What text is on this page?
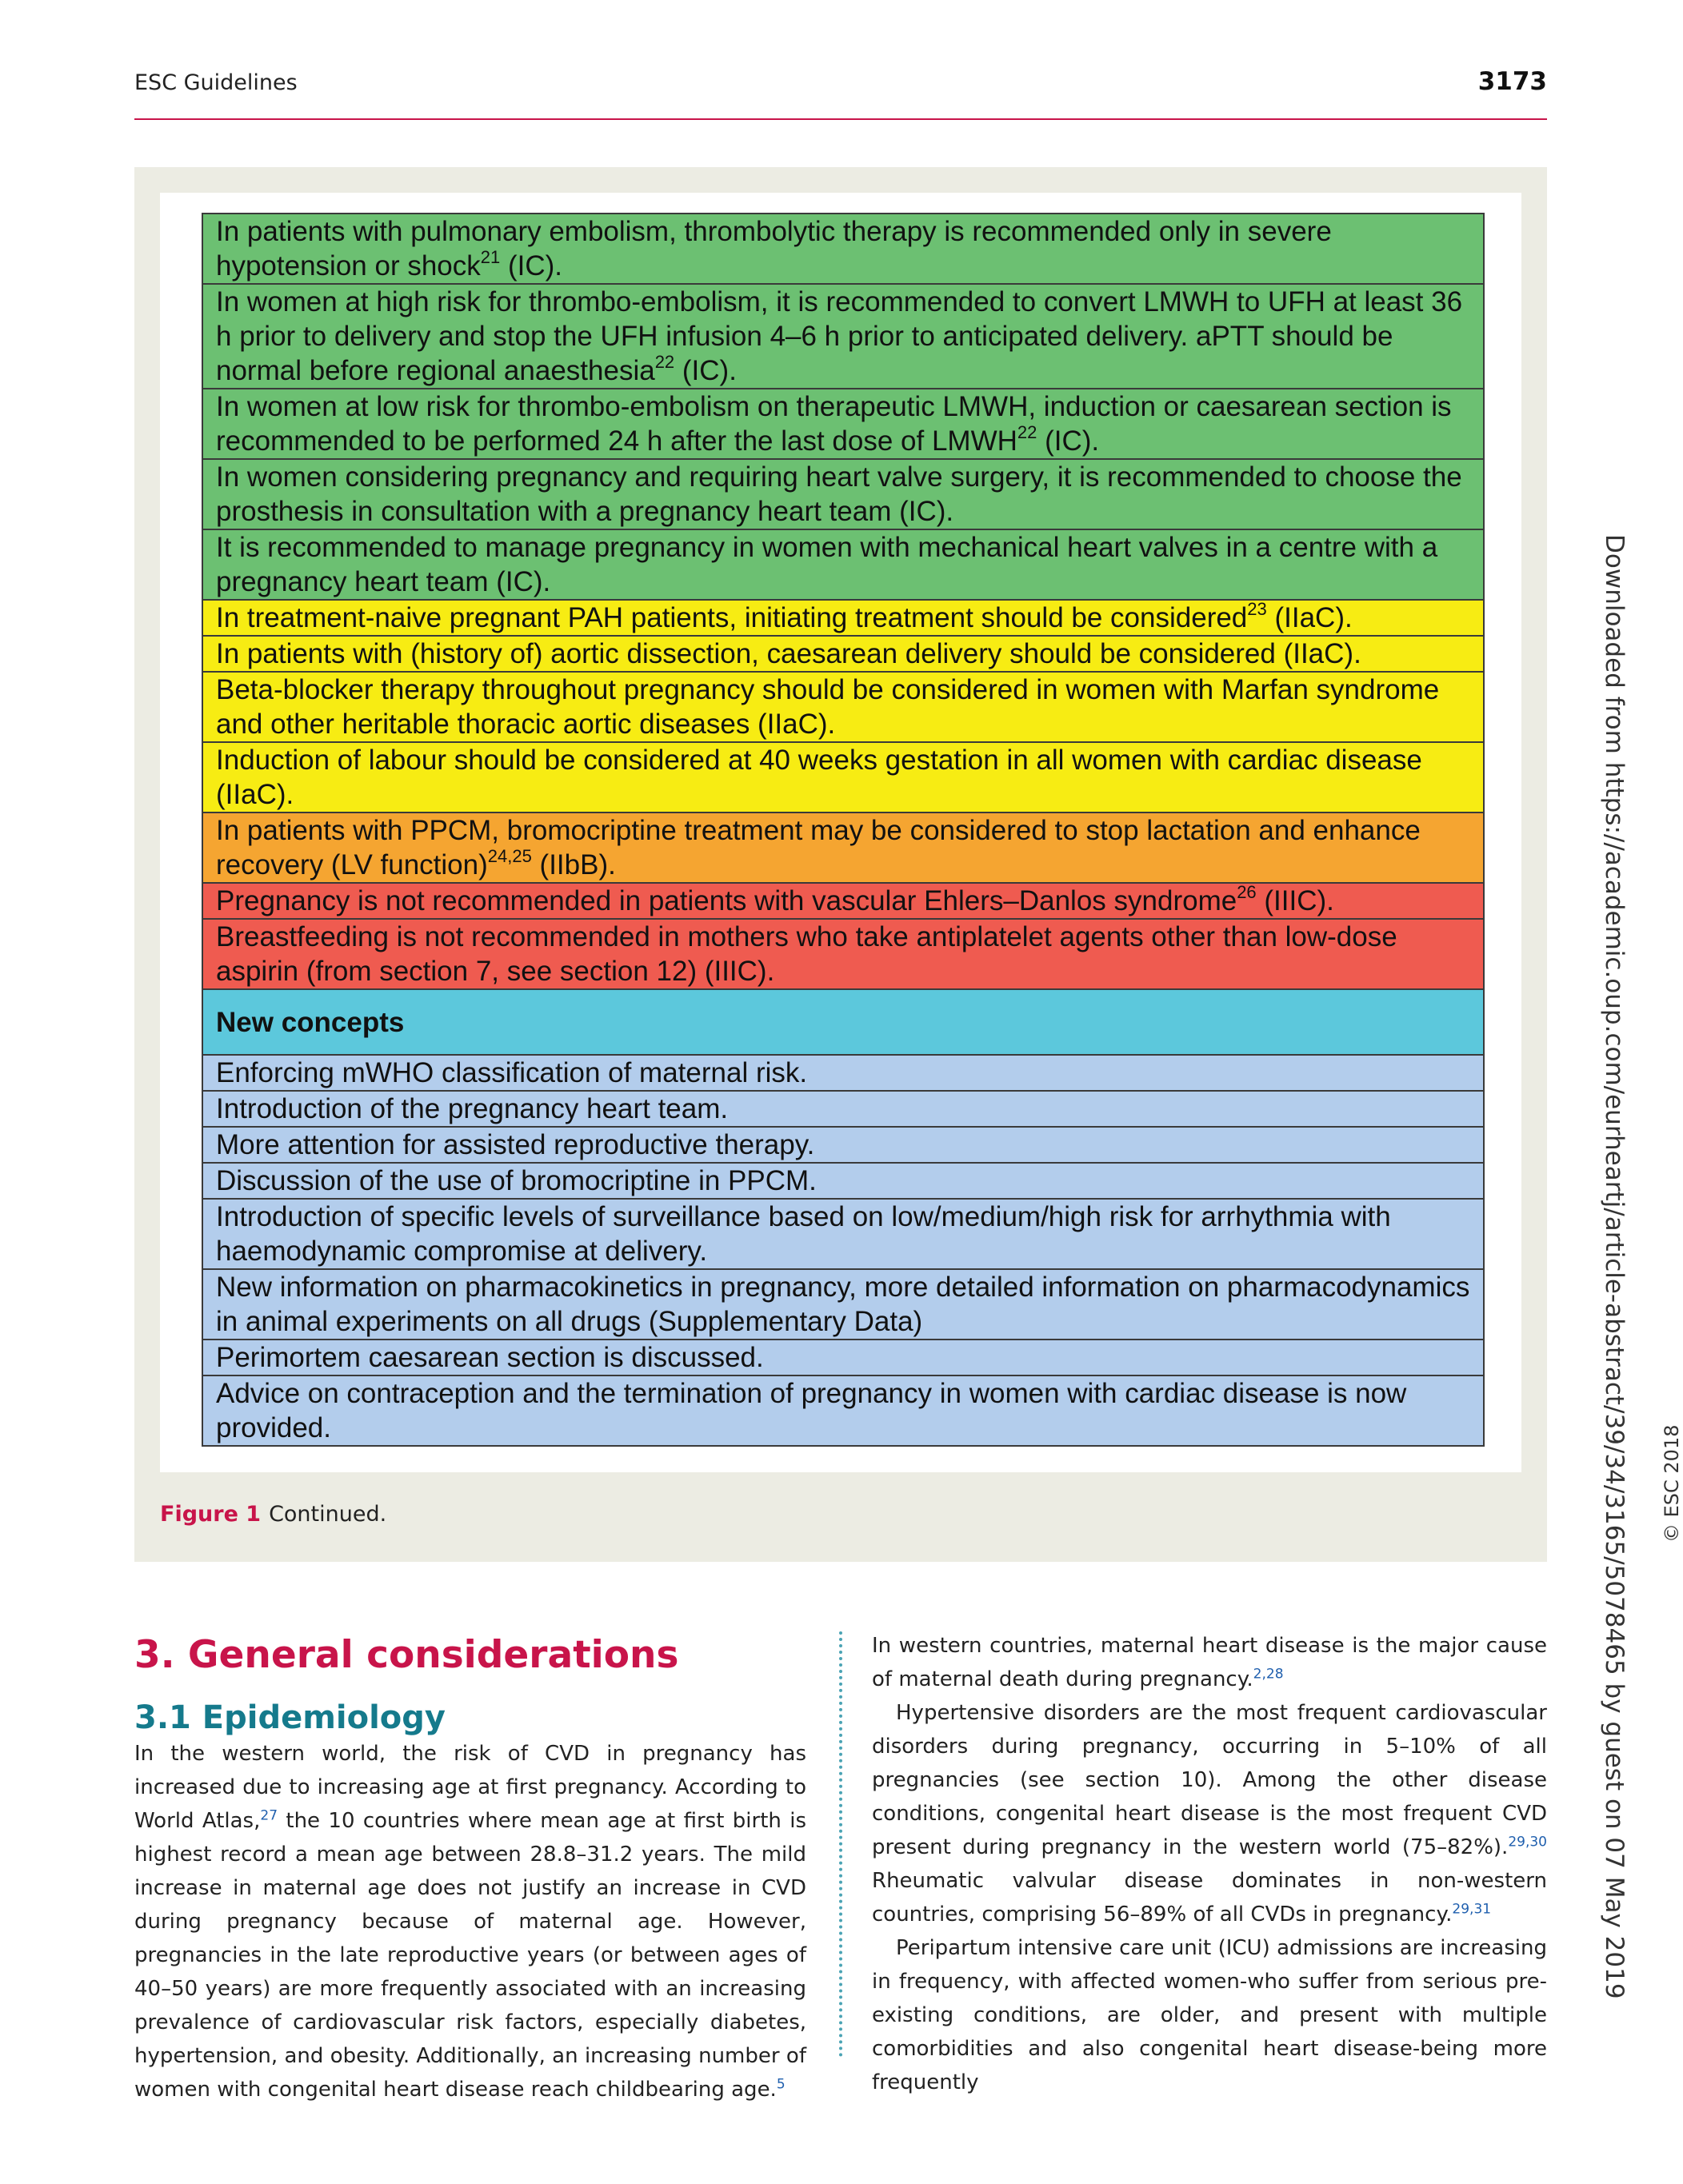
ESC Guidelines	3173
In patients with pulmonary embolism, thrombolytic therapy is recommended only in severe hypotension or shock$^{21}$ (IC).
In women at high risk for thrombo-embolism, it is recommended to convert LMWH to UFH at least 36 h prior to delivery and stop the UFH infusion 4–6 h prior to anticipated delivery. aPTT should be normal before regional anaesthesia$^{22}$ (IC).
In women at low risk for thrombo-embolism on therapeutic LMWH, induction or caesarean section is recommended to be performed 24 h after the last dose of LMWH$^{22}$ (IC).
In women considering pregnancy and requiring heart valve surgery, it is recommended to choose the prosthesis in consultation with a pregnancy heart team (IC).
It is recommended to manage pregnancy in women with mechanical heart valves in a centre with a pregnancy heart team (IC).
In treatment-naive pregnant PAH patients, initiating treatment should be considered$^{23}$ (IIaC).
In patients with (history of) aortic dissection, caesarean delivery should be considered (IIaC).
Beta-blocker therapy throughout pregnancy should be considered in women with Marfan syndrome and other heritable thoracic aortic diseases (IIaC).
Induction of labour should be considered at 40 weeks gestation in all women with cardiac disease (IIaC).
In patients with PPCM, bromocriptine treatment may be considered to stop lactation and enhance recovery (LV function)$^{24,25}$ (IIbB).
Pregnancy is not recommended in patients with vascular Ehlers–Danlos syndrome$^{26}$ (IIIC).
Breastfeeding is not recommended in mothers who take antiplatelet agents other than low-dose aspirin (from section 7, see section 12) (IIIC).
New concepts
Enforcing mWHO classification of maternal risk.
Introduction of the pregnancy heart team.
More attention for assisted reproductive therapy.
Discussion of the use of bromocriptine in PPCM.
Introduction of specific levels of surveillance based on low/medium/high risk for arrhythmia with haemodynamic compromise at delivery.
New information on pharmacokinetics in pregnancy, more detailed information on pharmacodynamics in animal experiments on all drugs (Supplementary Data)
Perimortem caesarean section is discussed.
Advice on contraception and the termination of pregnancy in women with cardiac disease is now provided.	© ESC 2018
Figure 1 Continued.	Downloaded from https://academic.oup.com/eurheartj/article-abstract/39/34/3165/5078465 by guest on 07 May 2019
3. General considerations
3.1 Epidemiology

In the western world, the risk of CVD in pregnancy has increased due to increasing age at first pregnancy. According to World Atlas,$^{27}$ the 10 countries where mean age at first birth is highest record a mean age between 28.8–31.2 years. The mild increase in maternal age does not justify an increase in CVD during pregnancy because of maternal age. However, pregnancies in the late reproductive years (or between ages of 40–50 years) are more frequently associated with an increasing prevalence of cardiovascular risk factors, especially diabetes, hypertension, and obesity. Additionally, an increasing number of women with congenital heart disease reach childbearing age.$^5$

In western countries, maternal heart disease is the major cause of maternal death during pregnancy.$^{2,28}$

Hypertensive disorders are the most frequent cardiovascular disorders during pregnancy, occurring in 5–10% of all pregnancies (see section 10). Among the other disease conditions, congenital heart disease is the most frequent CVD present during pregnancy in the western world (75–82%).$^{29,30}$ Rheumatic valvular disease dominates in non-western countries, comprising 56–89% of all CVDs in pregnancy.$^{29,31}$

Peripartum intensive care unit (ICU) admissions are increasing in frequency, with affected women-who suffer from serious pre-existing conditions, are older, and present with multiple comorbidities and also congenital heart disease-being more frequently
